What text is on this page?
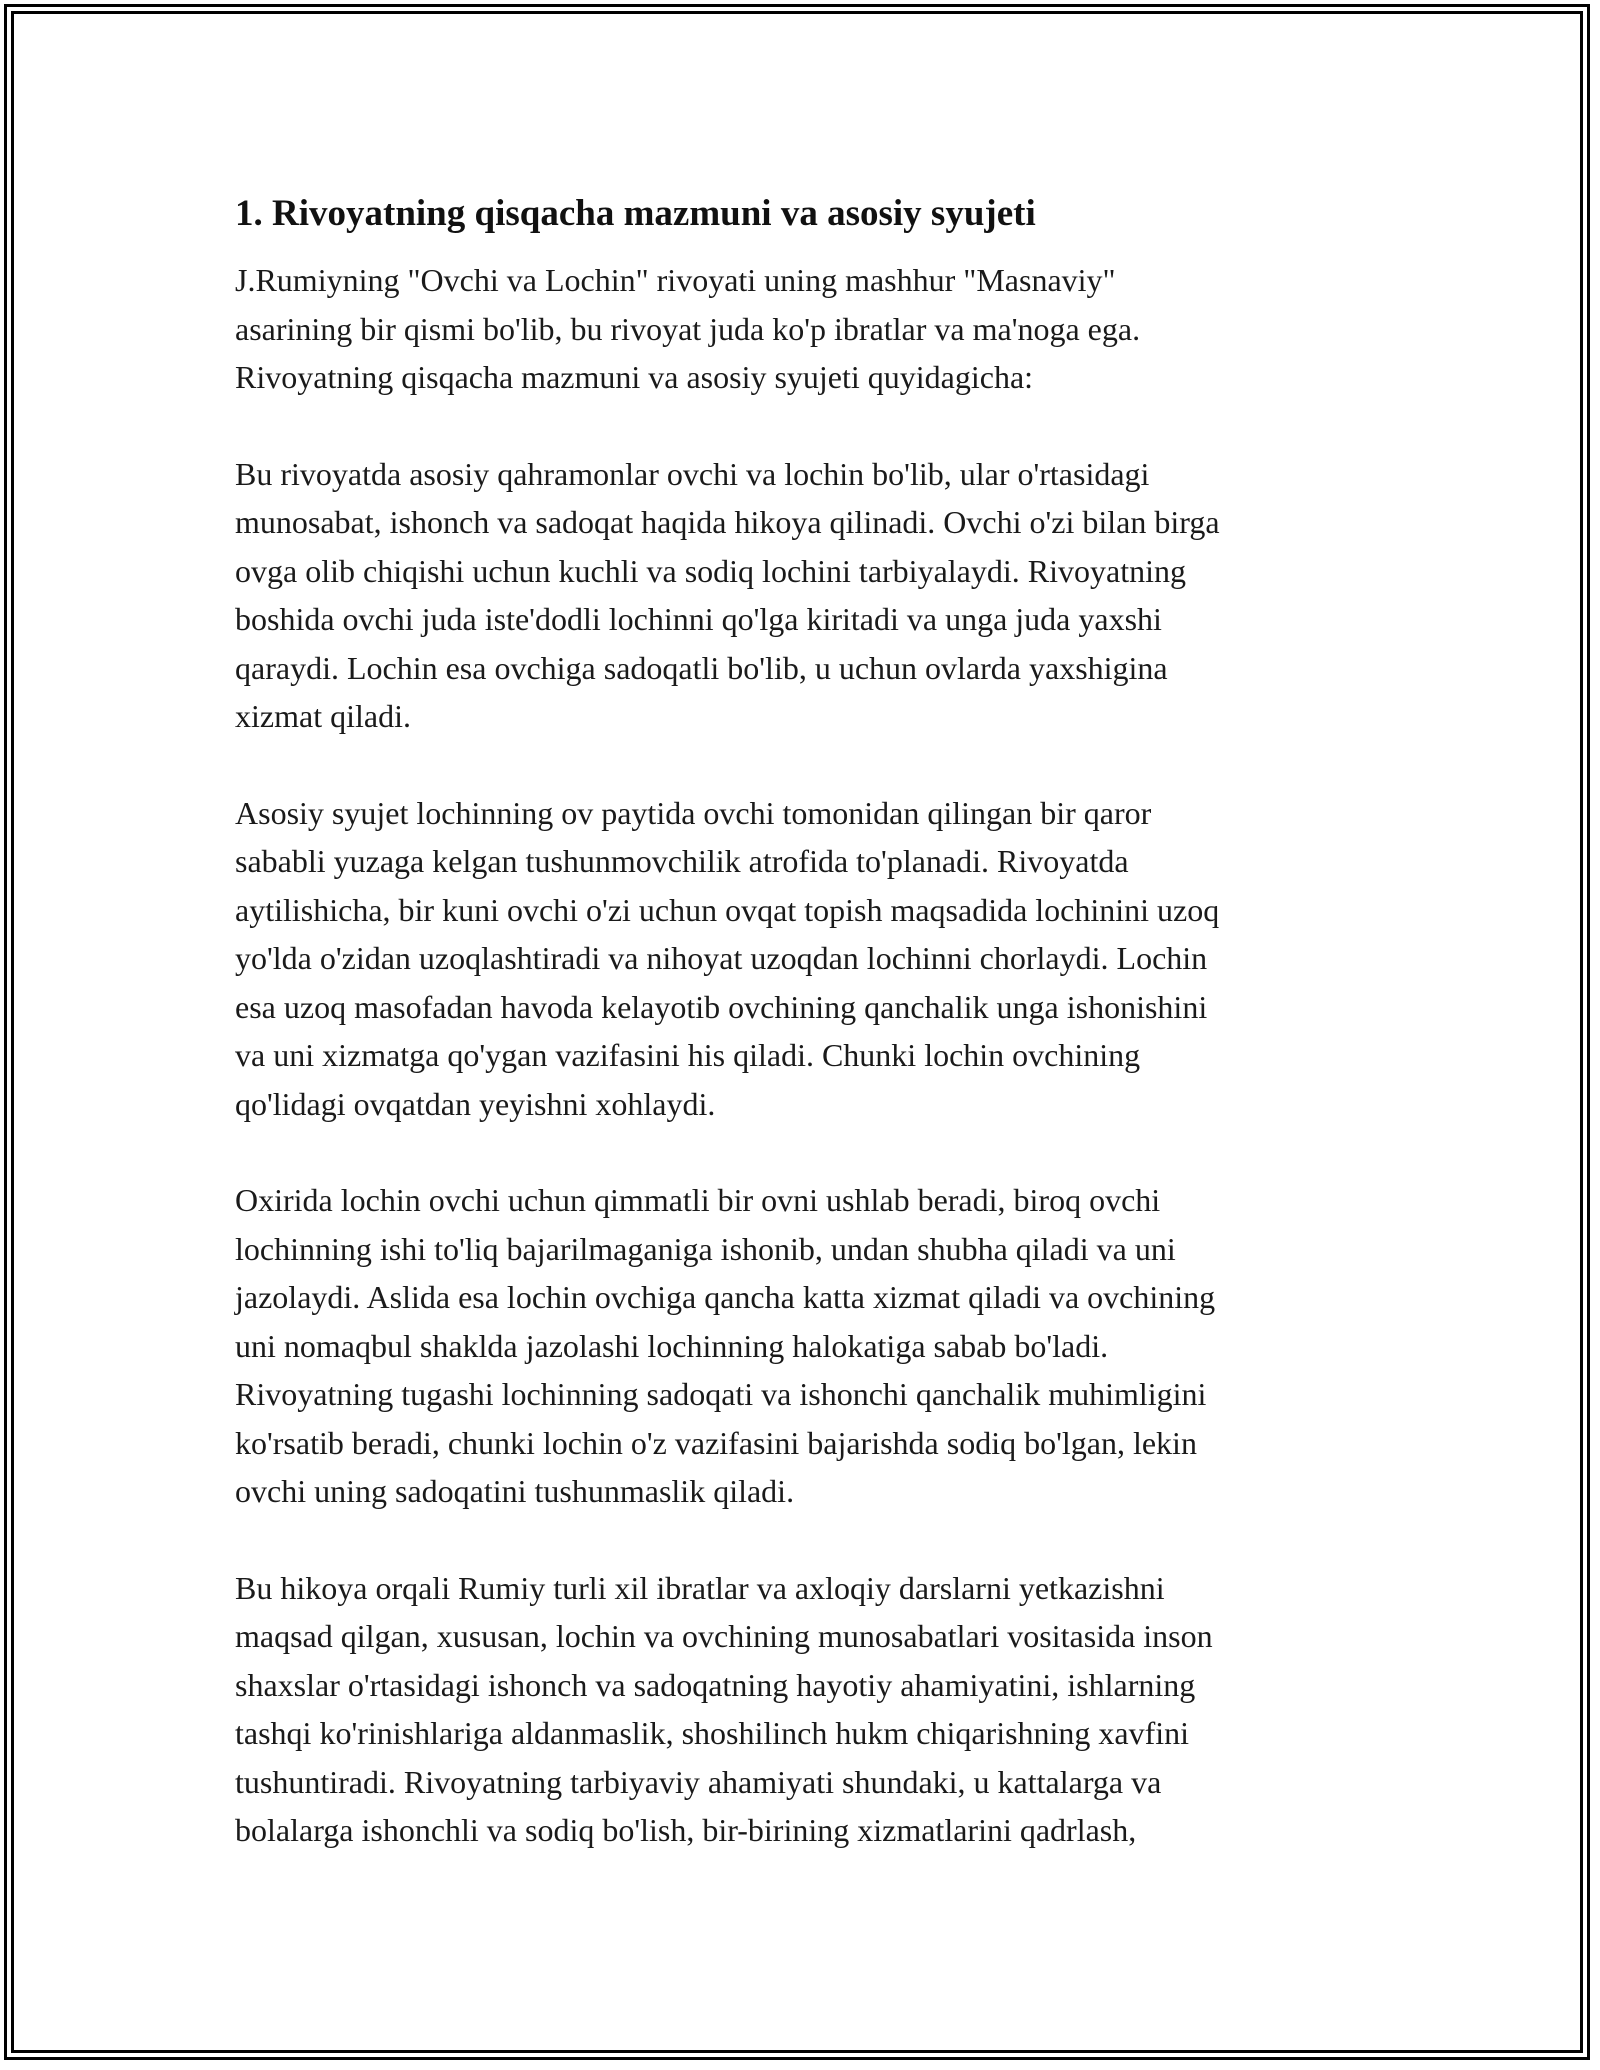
1. Rivoyatning qisqacha mazmuni va asosiy syujeti

J.Rumiyning "Ovchi va Lochin" rivoyati uning mashhur "Masnaviy"
asarining bir qismi bo'lib, bu rivoyat juda ko'p ibratlar va ma'noga ega.
Rivoyatning qisqacha mazmuni va asosiy syujeti quyidagicha:

Bu rivoyatda asosiy qahramonlar ovchi va lochin bo'lib, ular o'rtasidagi
munosabat, ishonch va sadoqat haqida hikoya qilinadi. Ovchi o'zi bilan birga
ovga olib chiqishi uchun kuchli va sodiq lochini tarbiyalaydi. Rivoyatning
boshida ovchi juda iste'dodli lochinni qo'lga kiritadi va unga juda yaxshi
qaraydi. Lochin esa ovchiga sadoqatli bo'lib, u uchun ovlarda yaxshigina
xizmat qiladi.

Asosiy syujet lochinning ov paytida ovchi tomonidan qilingan bir qaror
sababli yuzaga kelgan tushunmovchilik atrofida to'planadi. Rivoyatda
aytilishicha, bir kuni ovchi o'zi uchun ovqat topish maqsadida lochinini uzoq
yo'lda o'zidan uzoqlashtiradi va nihoyat uzoqdan lochinni chorlaydi. Lochin
esa uzoq masofadan havoda kelayotib ovchining qanchalik unga ishonishini
va uni xizmatga qo'ygan vazifasini his qiladi. Chunki lochin ovchining
qo'lidagi ovqatdan yeyishni xohlaydi.

Oxirida lochin ovchi uchun qimmatli bir ovni ushlab beradi, biroq ovchi
lochinning ishi to'liq bajarilmaganiga ishonib, undan shubha qiladi va uni
jazolaydi. Aslida esa lochin ovchiga qancha katta xizmat qiladi va ovchining
uni nomaqbul shaklda jazolashi lochinning halokatiga sabab bo'ladi.
Rivoyatning tugashi lochinning sadoqati va ishonchi qanchalik muhimligini
ko'rsatib beradi, chunki lochin o'z vazifasini bajarishda sodiq bo'lgan, lekin
ovchi uning sadoqatini tushunmaslik qiladi.

Bu hikoya orqali Rumiy turli xil ibratlar va axloqiy darslarni yetkazishni
maqsad qilgan, xususan, lochin va ovchining munosabatlari vositasida inson
shaxslar o'rtasidagi ishonch va sadoqatning hayotiy ahamiyatini, ishlarning
tashqi ko'rinishlariga aldanmaslik, shoshilinch hukm chiqarishning xavfini
tushuntiradi. Rivoyatning tarbiyaviy ahamiyati shundaki, u kattalarga va
bolalarga ishonchli va sodiq bo'lish, bir-birining xizmatlarini qadrlash,
